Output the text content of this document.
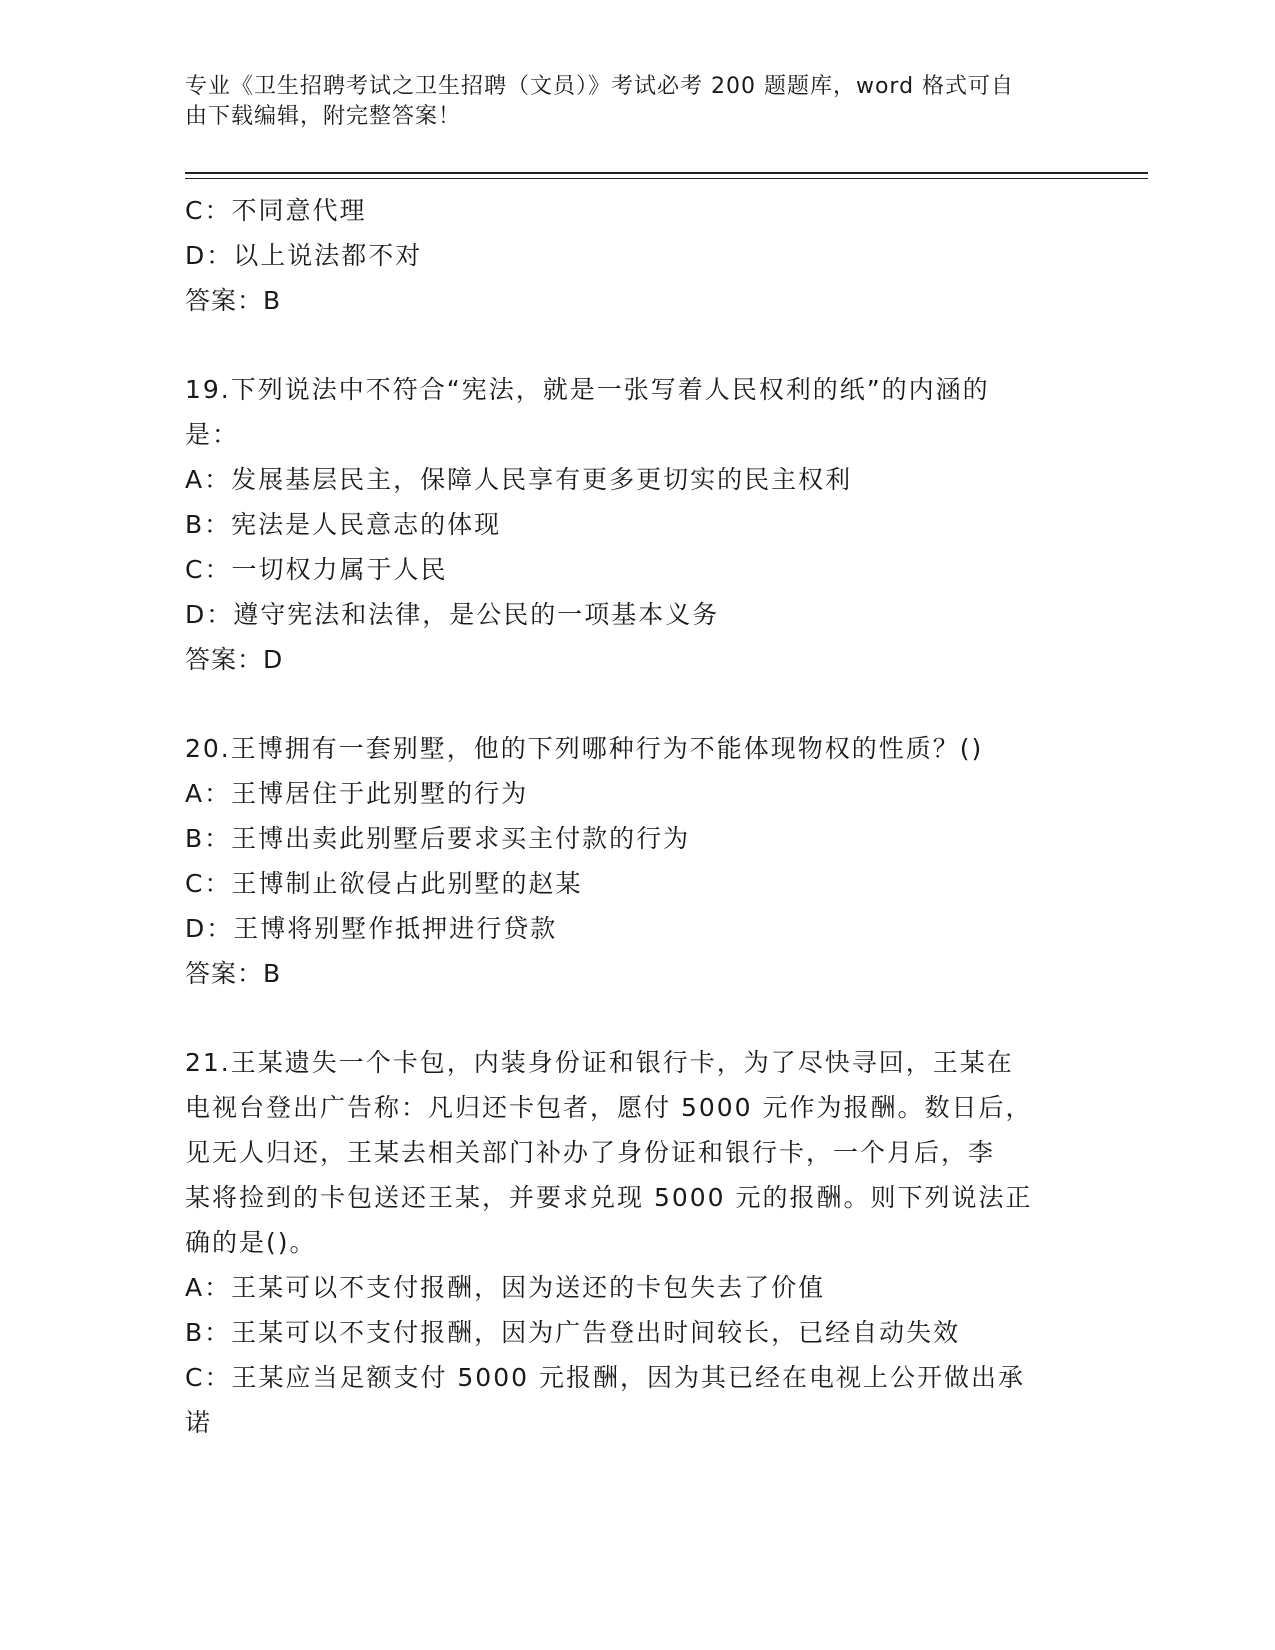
专业《卫生招聘考试之卫生招聘（文员）》考试必考 200 题题库，word 格式可自
由下载编辑，附完整答案！
C：不同意代理
D：以上说法都不对
答案：B
19.下列说法中不符合“宪法，就是一张写着人民权利的纸”的内涵的
是：
A：发展基层民主，保障人民享有更多更切实的民主权利
B：宪法是人民意志的体现
C：一切权力属于人民
D：遵守宪法和法律，是公民的一项基本义务
答案：D
20.王博拥有一套别墅，他的下列哪种行为不能体现物权的性质？()
A：王博居住于此别墅的行为
B：王博出卖此别墅后要求买主付款的行为
C：王博制止欲侵占此别墅的赵某
D：王博将别墅作抵押进行贷款
答案：B
21.王某遗失一个卡包，内装身份证和银行卡，为了尽快寻回，王某在
电视台登出广告称：凡归还卡包者，愿付 5000 元作为报酬。数日后，
见无人归还，王某去相关部门补办了身份证和银行卡，一个月后，李
某将捡到的卡包送还王某，并要求兑现 5000 元的报酬。则下列说法正
确的是()。
A：王某可以不支付报酬，因为送还的卡包失去了价值
B：王某可以不支付报酬，因为广告登出时间较长，已经自动失效
C：王某应当足额支付 5000 元报酬，因为其已经在电视上公开做出承
诺
